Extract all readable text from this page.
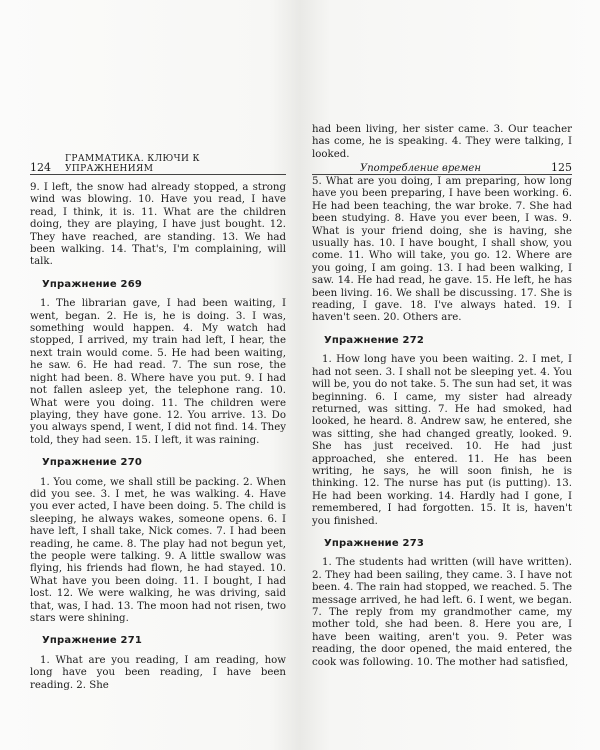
had been living, her sister came. 3. Our teacher has come, he is speaking. 4. They were talking, I looked.

124
ГРАММАТИКА. КЛЮЧИ К УПРАЖНЕНИЯМ	Употребление времен	125

9. I left, the snow had already stopped, a strong wind was blowing. 10. Have you read, I have read, I think, it is. 11. What are the children doing, they are playing, I have just bought. 12. They have reached, are standing. 13. We had been walking. 14. That's, I'm complaining, will talk.

Упражнение 269

1. The librarian gave, I had been waiting, I went, began. 2. He is, he is doing. 3. I was, something would happen. 4. My watch had stopped, I arrived, my train had left, I hear, the next train would come. 5. He had been waiting, he saw. 6. He had read. 7. The sun rose, the night had been. 8. Where have you put. 9. I had not fallen asleep yet, the telephone rang. 10. What were you doing. 11. The children were playing, they have gone. 12. You arrive. 13. Do you always spend, I went, I did not find. 14. They told, they had seen. 15. I left, it was raining.

Упражнение 270

1. You come, we shall still be packing. 2. When did you see. 3. I met, he was walking. 4. Have you ever acted, I have been doing. 5. The child is sleeping, he always wakes, someone opens. 6. I have left, I shall take, Nick comes. 7. I had been reading, he came. 8. The play had not begun yet, the people were talking. 9. A little swallow was flying, his friends had flown, he had stayed. 10. What have you been doing. 11. I bought, I had lost. 12. We were walking, he was driving, said that, was, I had. 13. The moon had not risen, two stars were shining.

Упражнение 271

1. What are you reading, I am reading, how long have you been reading, I have been reading. 2. She

5. What are you doing, I am preparing, how long have you been preparing, I have been working. 6. He had been teaching, the war broke. 7. She had been studying. 8. Have you ever been, I was. 9. What is your friend doing, she is having, she usually has. 10. I have bought, I shall show, you come. 11. Who will take, you go. 12. Where are you going, I am going. 13. I had been walking, I saw. 14. He had read, he gave. 15. He left, he has been living. 16. We shall be discussing. 17. She is reading, I gave. 18. I've always hated. 19. I haven't seen. 20. Others are.

Упражнение 272

1. How long have you been waiting. 2. I met, I had not seen. 3. I shall not be sleeping yet. 4. You will be, you do not take. 5. The sun had set, it was beginning. 6. I came, my sister had already returned, was sitting. 7. He had smoked, had looked, he heard. 8. Andrew saw, he entered, she was sitting, she had changed greatly, looked. 9. She has just received. 10. He had just approached, she entered. 11. He has been writing, he says, he will soon finish, he is thinking. 12. The nurse has put (is putting). 13. He had been working. 14. Hardly had I gone, I remembered, I had forgotten. 15. It is, haven't you finished.

Упражнение 273

1. The students had written (will have written). 2. They had been sailing, they came. 3. I have not been. 4. The rain had stopped, we reached. 5. The message arrived, he had left. 6. I went, we began. 7. The reply from my grandmother came, my mother told, she had been. 8. Here you are, I have been waiting, aren't you. 9. Peter was reading, the door opened, the maid entered, the cook was following. 10. The mother had satisfied,
